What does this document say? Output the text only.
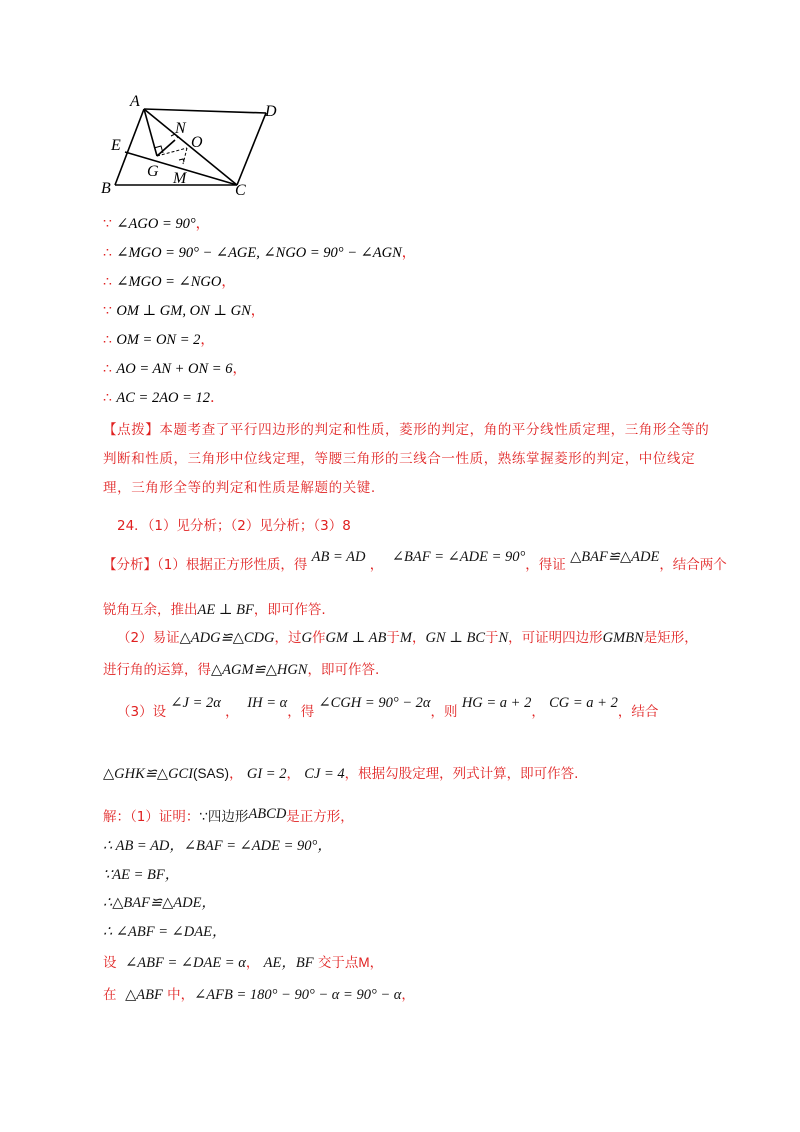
A
D
E
N
O
G M
B	C
∵ ∠AGO = 90°，
∴ ∠MGO = 90° − ∠AGE, ∠NGO = 90° − ∠AGN，
∴ ∠MGO = ∠NGO，
∵ OM ⊥ GM, ON ⊥ GN，
∴ OM = ON = 2，
∴ AO = AN + ON = 6，
∴ AC = 2AO = 12．
【点拨】本题考查了平行四边形的判定和性质，菱形的判定，角的平分线性质定理，三角形全等的判断和性质，三角形中位线定理，等腰三角形的三线合一性质，熟练掌握菱形的判定，中位线定理，三角形全等的判定和性质是解题的关键.
24．（1）见分析；（2）见分析；（3）8
【分析】（1）根据正方形性质，得 AB = AD ，  ∠BAF = ∠ADE = 90°，得证 △BAF≌△ADE，结合两个
锐角互余，推出AE ⊥ BF，即可作答.
（2）易证△ADG≌△CDG，过G作GM ⊥ AB于M，GN ⊥ BC于N，可证明四边形GMBN是矩形，
进行角的运算，得△AGM≌△HGN，即可作答.
（3）设 ∠J = 2α ，  IH = α，得 ∠CGH = 90° − 2α，则 HG = a + 2， CG = a + 2，结合
△GHK≌△GCI(SAS)， GI = 2， CJ = 4，根据勾股定理，列式计算，即可作答.
解：（1）证明：∵四边形ABCD是正方形，
∴ AB = AD，∠BAF = ∠ADE = 90°，
∵AE = BF，
∴△BAF≌△ADE，
∴ ∠ABF = ∠DAE，
设 ∠ABF = ∠DAE = α， AE，BF 交于点M，
在 △ABF 中，∠AFB = 180° − 90° − α = 90° − α，
